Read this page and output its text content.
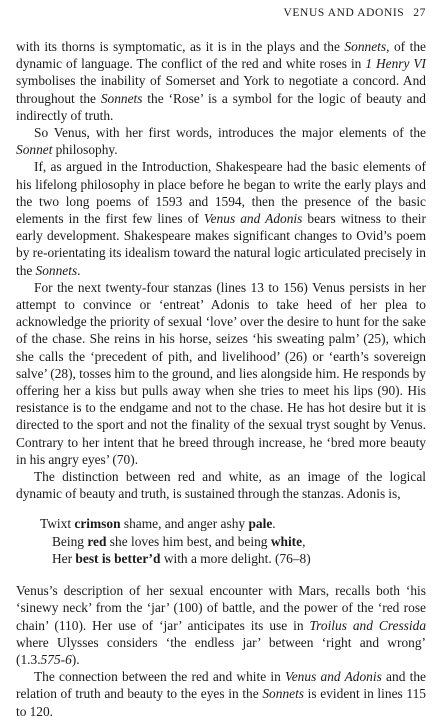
VENUS AND ADONIS 27

with its thorns is symptomatic, as it is in the plays and the Sonnets, of the dynamic of language. The conflict of the red and white roses in 1 Henry VI symbolises the inability of Somerset and York to negotiate a concord. And throughout the Sonnets the ‘Rose’ is a symbol for the logic of beauty and indirectly of truth.

So Venus, with her first words, introduces the major elements of the Sonnet philosophy.

If, as argued in the Introduction, Shakespeare had the basic elements of his lifelong philosophy in place before he began to write the early plays and the two long poems of 1593 and 1594, then the presence of the basic elements in the first few lines of Venus and Adonis bears witness to their early development. Shakespeare makes significant changes to Ovid’s poem by re-orientating its idealism toward the natural logic articulated precisely in the Sonnets.

For the next twenty-four stanzas (lines 13 to 156) Venus persists in her attempt to convince or ‘entreat’ Adonis to take heed of her plea to acknowledge the priority of sexual ‘love’ over the desire to hunt for the sake of the chase. She reins in his horse, seizes ‘his sweating palm’ (25), which she calls the ‘precedent of pith, and livelihood’ (26) or ‘earth’s sovereign salve’ (28), tosses him to the ground, and lies alongside him. He responds by offering her a kiss but pulls away when she tries to meet his lips (90). His resistance is to the endgame and not to the chase. He has hot desire but it is directed to the sport and not the finality of the sexual tryst sought by Venus. Contrary to her intent that he breed through increase, he ‘bred more beauty in his angry eyes’ (70).

The distinction between red and white, as an image of the logical dynamic of beauty and truth, is sustained through the stanzas. Adonis is,

Twixt crimson shame, and anger ashy pale.
Being red she loves him best, and being white,
Her best is better’d with a more delight. (76–8)

Venus’s description of her sexual encounter with Mars, recalls both ‘his ‘sinewy neck’ from the ‘jar’ (100) of battle, and the power of the ‘red rose chain’ (110). Her use of ‘jar’ anticipates its use in Troilus and Cressida where Ulysses considers ‘the endless jar’ between ‘right and wrong’ (1.3.575-6).

The connection between the red and white in Venus and Adonis and the relation of truth and beauty to the eyes in the Sonnets is evident in lines 115 to 120.
